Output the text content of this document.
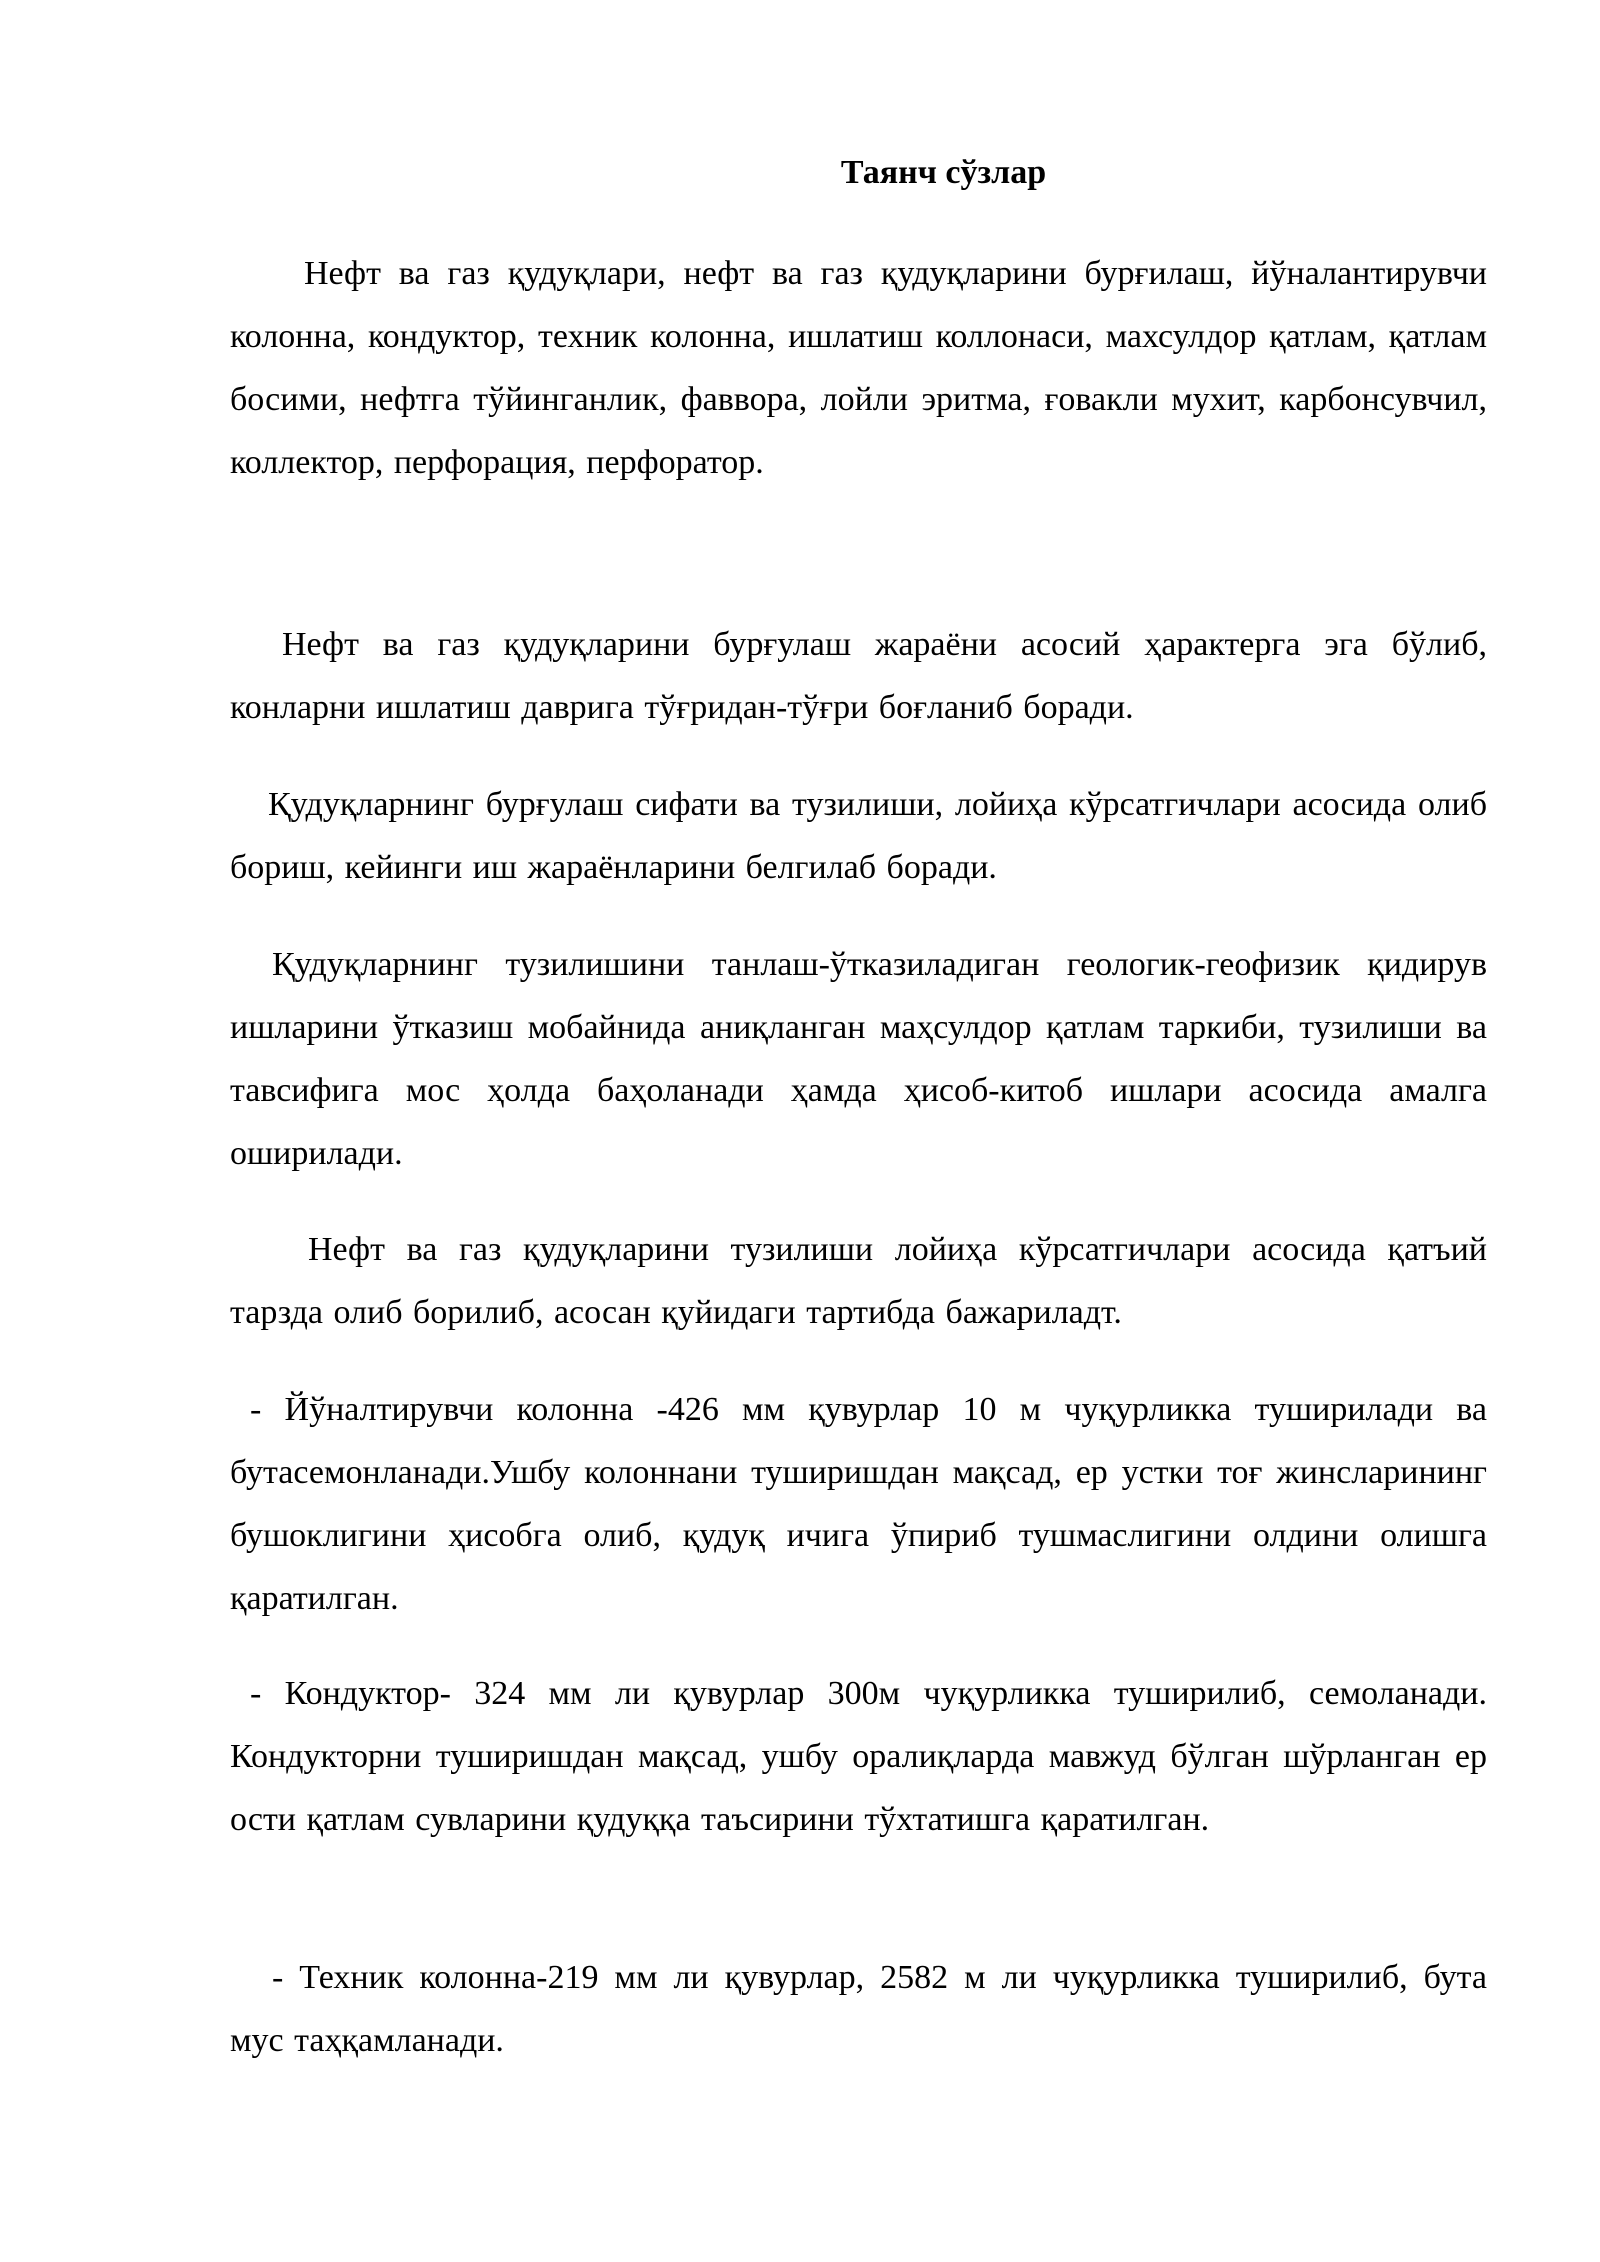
Таянч сўзлар
Нефт ва газ қудуқлари, нефт ва газ қудуқларини бурғилаш, йўналантирувчи колонна, кондуктор, техник колонна, ишлатиш коллонаси, махсулдор қатлам, қатлам босими, нефтга тўйинганлик, фаввора, лойли эритма, ғовакли мухит, карбонсувчил, коллектор, перфорация, перфоратор.
Нефт ва газ қудуқларини бурғулаш жараёни асосий ҳарактерга эга бўлиб, конларни ишлатиш даврига тўғридан-тўғри боғланиб боради.
Қудуқларнинг бурғулаш сифати ва тузилиши, лойиҳа кўрсатгичлари асосида олиб бориш, кейинги иш жараёнларини белгилаб боради.
Қудуқларнинг тузилишини танлаш-ўтказиладиган геологик-геофизик қидирув ишларини ўтказиш мобайнида аниқланган маҳсулдор қатлам таркиби, тузилиши ва тавсифига мос ҳолда баҳоланади ҳамда ҳисоб-китоб ишлари асосида амалга оширилади.
Нефт ва газ қудуқларини тузилиши лойиҳа кўрсатгичлари асосида қатъий тарзда олиб борилиб, асосан қуйидаги тартибда бажариладт.
- Йўналтирувчи колонна -426 мм қувурлар 10 м чуқурликка туширилади ва бутасемонланади.Ушбу колоннани туширишдан мақсад, ер устки тоғ жинсларининг бушоклигини ҳисобга олиб, қудуқ ичига ўпириб тушмаслигини олдини олишга қаратилган.
- Кондуктор- 324 мм ли қувурлар 300м чуқурликка туширилиб, семоланади. Кондукторни туширишдан мақсад, ушбу оралиқларда мавжуд бўлган шўрланган ер ости қатлам сувларини қудуққа таъсирини тўхтатишга қаратилган.
- Техник колонна-219 мм ли қувурлар, 2582 м ли чуқурликка туширилиб, бута мус таҳқамланади.
